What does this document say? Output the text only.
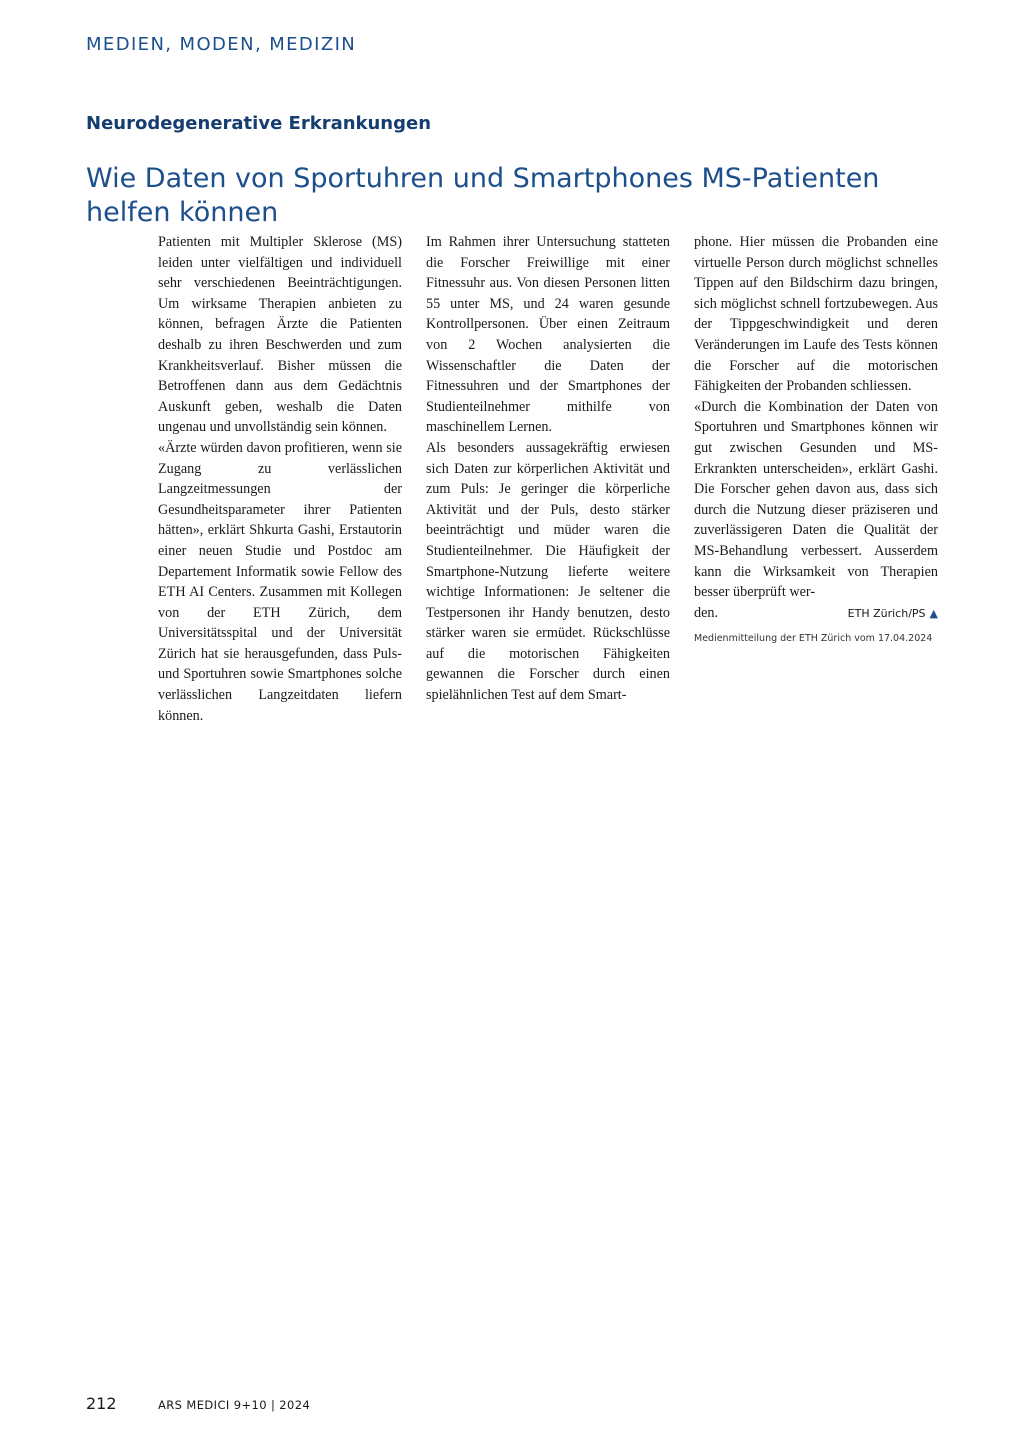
MEDIEN, MODEN, MEDIZIN
Neurodegenerative Erkrankungen
Wie Daten von Sportuhren und Smartphones MS-Patienten helfen können

Patienten mit Multipler Sklerose (MS) leiden unter vielfältigen und individuell sehr verschiedenen Beeinträchtigungen. Um wirksame Therapien anbieten zu können, befragen Ärzte die Patienten deshalb zu ihren Beschwerden und zum Krankheitsverlauf. Bisher müssen die Betroffenen dann aus dem Gedächtnis Auskunft geben, weshalb die Daten ungenau und unvollständig sein können.

«Ärzte würden davon profitieren, wenn sie Zugang zu verlässlichen Langzeitmessungen der Gesundheitsparameter ihrer Patienten hätten», erklärt Shkurta Gashi, Erstautorin einer neuen Studie und Postdoc am Departement Informatik sowie Fellow des ETH AI Centers. Zusammen mit Kollegen von der ETH Zürich, dem Universitätsspital und der Universität Zürich hat sie herausgefunden, dass Puls- und Sportuhren sowie Smartphones solche verlässlichen Langzeitdaten liefern können.

Im Rahmen ihrer Untersuchung statteten die Forscher Freiwillige mit einer Fitnessuhr aus. Von diesen Personen litten 55 unter MS, und 24 waren gesunde Kontrollpersonen. Über einen Zeitraum von 2 Wochen analysierten die Wissenschaftler die Daten der Fitnessuhren und der Smartphones der Studienteilnehmer mithilfe von maschinellem Lernen.

Als besonders aussagekräftig erwiesen sich Daten zur körperlichen Aktivität und zum Puls: Je geringer die körperliche Aktivität und der Puls, desto stärker beeinträchtigt und müder waren die Studienteilnehmer. Die Häufigkeit der Smartphone-Nutzung lieferte weitere wichtige Informationen: Je seltener die Testpersonen ihr Handy benutzen, desto stärker waren sie ermüdet. Rückschlüsse auf die motorischen Fähigkeiten gewannen die Forscher durch einen spielähnlichen Test auf dem Smart-

phone. Hier müssen die Probanden eine virtuelle Person durch möglichst schnelles Tippen auf den Bildschirm dazu bringen, sich möglichst schnell fortzubewegen. Aus der Tippgeschwindigkeit und deren Veränderungen im Laufe des Tests können die Forscher auf die motorischen Fähigkeiten der Probanden schliessen.

«Durch die Kombination der Daten von Sportuhren und Smartphones können wir gut zwischen Gesunden und MS-Erkrankten unterscheiden», erklärt Gashi. Die Forscher gehen davon aus, dass sich durch die Nutzung dieser präziseren und zuverlässigeren Daten die Qualität der MS-Behandlung verbessert. Ausserdem kann die Wirksamkeit von Therapien besser überprüft wer-

den.	ETH Zürich/PS ▲
Medienmitteilung der ETH Zürich vom 17.04.2024
212	ARS MEDICI 9+10 | 2024
